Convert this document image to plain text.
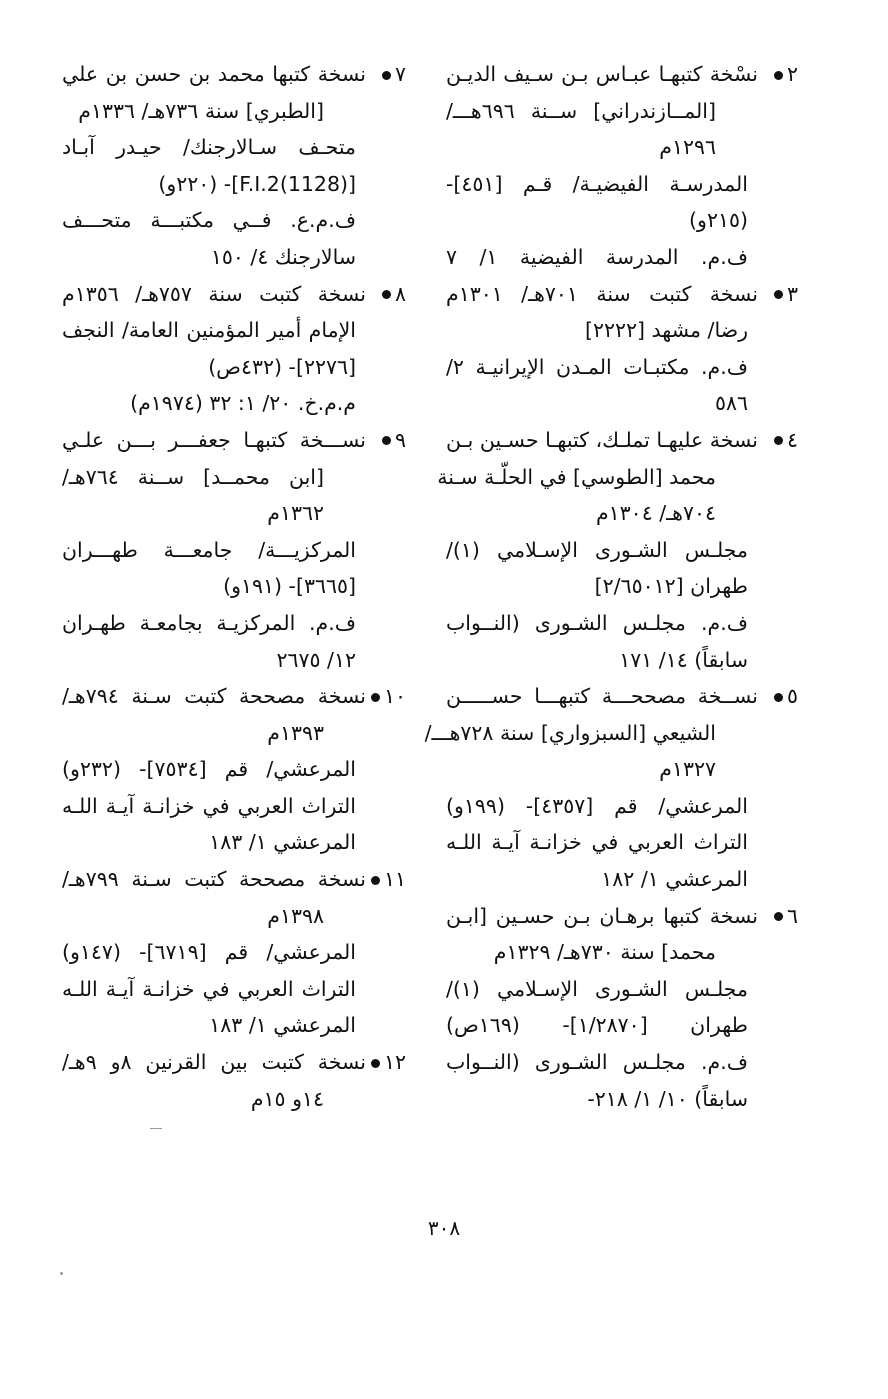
٢
نسْخة كتبهـا عبـاس بـن سـيف الديـن
[المــازندراني] ســنة ٦٩٦هـــ/
١٢٩٦م
المدرسـة الفيضيـة/ قـم [٤٥١]-
(٢١٥و)
ف.م. المدرسة الفيضية ١/ ٧
٣
نسخة كتبت سنة ٧٠١هـ/ ١٣٠١م
رضا/ مشهد [٢٢٢٢]
ف.م. مكتبـات المـدن الإيرانيـة ٢/
٥٨٦
٤
نسخة عليهـا تملـك، كتبهـا حسـين بـن
محمد [الطوسي] في الحلّـة سـنة
٧٠٤هـ/ ١٣٠٤م
مجلـس الشـورى الإسـلامي (١)/
طهران [٢/٦٥٠١٢]
ف.م. مجلـس الشـورى (النــواب
سابقاً) ١٤/ ١٧١
٥
نســخة مصححـــة كتبهـــا حســـــن
الشيعي [السبزواري] سنة ٧٢٨هـــ/
١٣٢٧م
المرعشي/ قم [٤٣٥٧]- (١٩٩و)
التراث العربي في خزانـة آيـة اللـه
المرعشي ١/ ١٨٢
٦
نسخة كتبها برهـان بـن حسـين [ابـن
محمد] سنة ٧٣٠هـ/ ١٣٢٩م
مجلـس الشـورى الإسـلامي (١)/
طهران [١/٢٨٧٠]- (١٦٩ص)
ف.م. مجلـس الشـورى (النــواب
سابقاً) ١٠/ ١/ ٢١٨-
٧
نسخة كتبها محمد بن حسن بن علي
[الطبري] سنة ٧٣٦هـ/ ١٣٣٦م
متحـف سـالارجنك/ حيـدر آبـاد
[(1128)F.I.2]- (٢٢٠و)
ف.م.ع. فــي مكتبـــة متحـــف
سالارجنك ٤/ ١٥٠
٨
نسخة كتبت سنة ٧٥٧هـ/ ١٣٥٦م
الإمام أمير المؤمنين العامة/ النجف
[٢٢٧٦]- (٤٣٢ص)
م.م.خ. ٢٠/ ١: ٣٢ (١٩٧٤م)
٩
نســـخة كتبهـا جعفـــر بـــن علـي
[ابن محمــد] ســنة ٧٦٤هـ/
١٣٦٢م
المركزيـــة/ جامعـــة طهـــران
[٣٦٦٥]- (١٩١و)
ف.م. المركزيـة بجامعـة طهـران
١٢/ ٢٦٧٥
١٠
نسخة مصححة كتبت سـنة ٧٩٤هـ/
١٣٩٣م
المرعشي/ قم [٧٥٣٤]- (٢٣٢و)
التراث العربي في خزانـة آيـة اللـه
المرعشي ١/ ١٨٣
١١
نسخة مصححة كتبت سـنة ٧٩٩هـ/
١٣٩٨م
المرعشي/ قم [٦٧١٩]- (١٤٧و)
التراث العربي في خزانـة آيـة اللـه
المرعشي ١/ ١٨٣
١٢
نسخة كتبت بين القرنين ٨و ٩هـ/
١٤و ١٥م
٣٠٨
